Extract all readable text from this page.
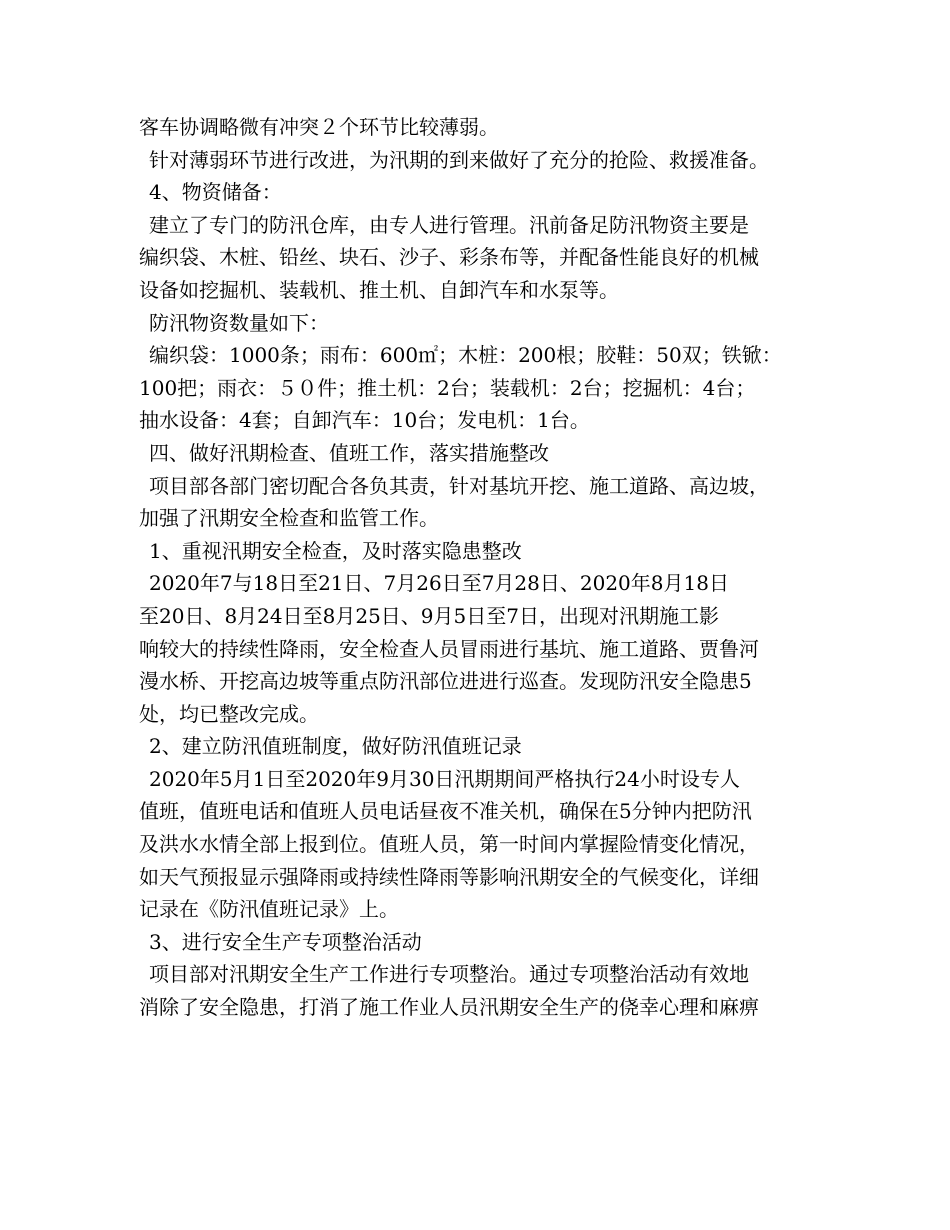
客车协调略微有冲突２个环节比较薄弱。
针对薄弱环节进行改进，为汛期的到来做好了充分的抢险、救援准备。
4、物资储备：
建立了专门的防汛仓库，由专人进行管理。汛前备足防汛物资主要是
编织袋、木桩、铅丝、块石、沙子、彩条布等，并配备性能良好的机械
设备如挖掘机、装载机、推土机、自卸汽车和水泵等。
防汛物资数量如下：
编织袋：1000条；雨布：600㎡；木桩：200根；胶鞋：50双；铁锨：
100把；雨衣：５０件；推土机：2台；装载机：2台；挖掘机：4台；
抽水设备：4套；自卸汽车：10台；发电机：1台。
四、做好汛期检查、值班工作，落实措施整改
项目部各部门密切配合各负其责，针对基坑开挖、施工道路、高边坡，
加强了汛期安全检查和监管工作。
1、重视汛期安全检查，及时落实隐患整改
2020年7与18日至21日、7月26日至7月28日、2020年8月18日
至20日、8月24日至8月25日、9月5日至7日，出现对汛期施工影
响较大的持续性降雨，安全检查人员冒雨进行基坑、施工道路、贾鲁河
漫水桥、开挖高边坡等重点防汛部位进进行巡查。发现防汛安全隐患5
处，均已整改完成。
2、建立防汛值班制度，做好防汛值班记录
2020年5月1日至2020年9月30日汛期期间严格执行24小时设专人
值班，值班电话和值班人员电话昼夜不准关机，确保在5分钟内把防汛
及洪水水情全部上报到位。值班人员，第一时间内掌握险情变化情况，
如天气预报显示强降雨或持续性降雨等影响汛期安全的气候变化，详细
记录在《防汛值班记录》上。
3、进行安全生产专项整治活动
项目部对汛期安全生产工作进行专项整治。通过专项整治活动有效地
消除了安全隐患，打消了施工作业人员汛期安全生产的侥幸心理和麻痹
